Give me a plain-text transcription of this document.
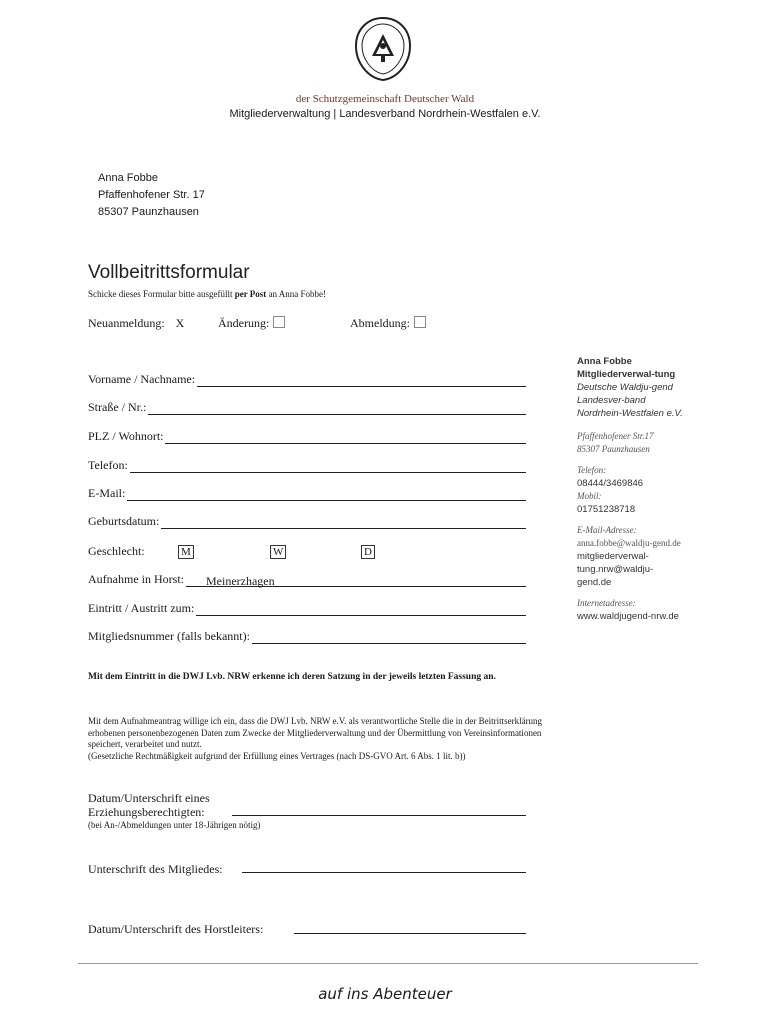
der Schutzgemeinschaft Deutscher Wald
Mitgliederverwaltung | Landesverband Nordrhein-Westfalen e.V.
Anna Fobbe
Pfaffenhofener Str. 17
85307 Paunzhausen
Vollbeitrittsformular
Schicke dieses Formular bitte ausgefüllt per Post an Anna Fobbe!
Neuanmeldung: X	Änderung:	Abmeldung:
Vorname / Nachname:
Straße / Nr.:
PLZ / Wohnort:
Telefon:
E-Mail:
Geburtsdatum:
Geschlecht:	M	W	D
Aufnahme in Horst: Meinerzhagen
Eintritt / Austritt zum:
Mitgliedsnummer (falls bekannt):
Mit dem Eintritt in die DWJ Lvb. NRW erkenne ich deren Satzung in der jeweils letzten Fassung an.
Mit dem Aufnahmeantrag willige ich ein, dass die DWJ Lvb. NRW e.V. als verantwortliche Stelle die in der Beitrittserklärung erhobenen personenbezogenen Daten zum Zwecke der Mitgliederverwaltung und der Übermittlung von Vereinsinformationen speichert, verarbeitet und nutzt.
(Gesetzliche Rechtmäßigkeit aufgrund der Erfüllung eines Vertrages (nach DS-GVO Art. 6 Abs. 1 lit. b))
Datum/Unterschrift eines
Erziehungsberechtigten:
(bei An-/Abmeldungen unter 18-Jährigen nötig)
Unterschrift des Mitgliedes:
Datum/Unterschrift des Horstleiters:
Anna Fobbe
Mitgliederverwal-tung
Deutsche Waldju-gend Landesver-band Nordrhein-Westfalen e.V.
Pfaffenhofener Str.17
85307 Paunzhausen
Telefon:
08444/3469846
Mobil:
01751238718
E-Mail-Adresse:
anna.fobbe@waldju-gend.de
mitgliederverwal-tung.nrw@waldju-gend.de
Internetadresse:
www.waldjugend-nrw.de
auf ins Abenteuer
